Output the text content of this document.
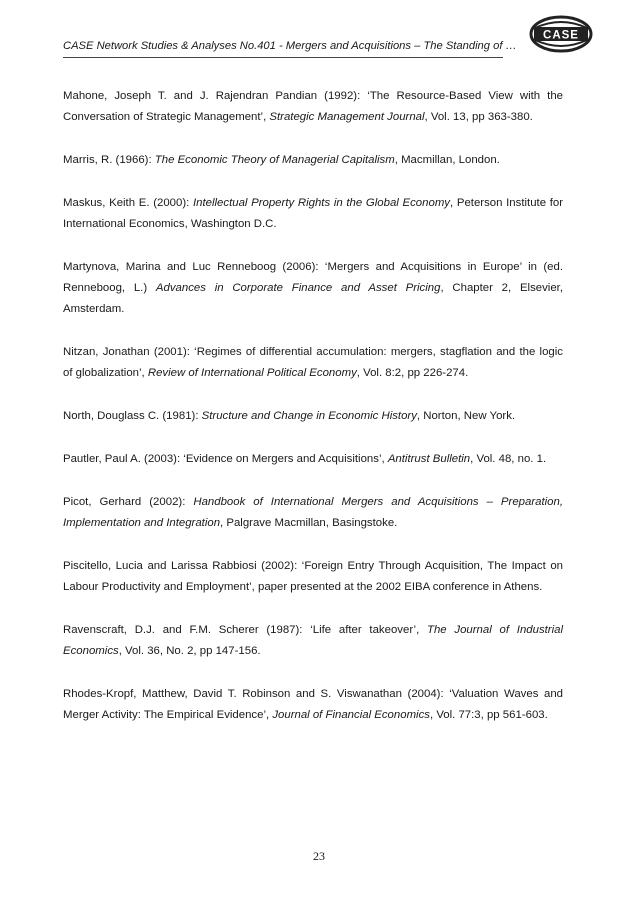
CASE Network Studies & Analyses No.401 - Mergers and Acquisitions – The Standing of …
CASE

Mahone, Joseph T. and J. Rajendran Pandian (1992): ‘The Resource-Based View with the Conversation of Strategic Management’, Strategic Management Journal, Vol. 13, pp 363-380.

Marris, R. (1966): The Economic Theory of Managerial Capitalism, Macmillan, London.

Maskus, Keith E. (2000): Intellectual Property Rights in the Global Economy, Peterson Institute for International Economics, Washington D.C.

Martynova, Marina and Luc Renneboog (2006): ‘Mergers and Acquisitions in Europe’ in (ed. Renneboog, L.) Advances in Corporate Finance and Asset Pricing, Chapter 2, Elsevier, Amsterdam.

Nitzan, Jonathan (2001): ‘Regimes of differential accumulation: mergers, stagflation and the logic of globalization’, Review of International Political Economy, Vol. 8:2, pp 226-274.

North, Douglass C. (1981): Structure and Change in Economic History, Norton, New York.

Pautler, Paul A. (2003): ‘Evidence on Mergers and Acquisitions’, Antitrust Bulletin, Vol. 48, no. 1.

Picot, Gerhard (2002): Handbook of International Mergers and Acquisitions – Preparation, Implementation and Integration, Palgrave Macmillan, Basingstoke.

Piscitello, Lucia and Larissa Rabbiosi (2002): ‘Foreign Entry Through Acquisition, The Impact on Labour Productivity and Employment’, paper presented at the 2002 EIBA conference in Athens.

Ravenscraft, D.J. and F.M. Scherer (1987): ‘Life after takeover’, The Journal of Industrial Economics, Vol. 36, No. 2, pp 147-156.

Rhodes-Kropf, Matthew, David T. Robinson and S. Viswanathan (2004): ‘Valuation Waves and Merger Activity: The Empirical Evidence’, Journal of Financial Economics, Vol. 77:3, pp 561-603.

23
